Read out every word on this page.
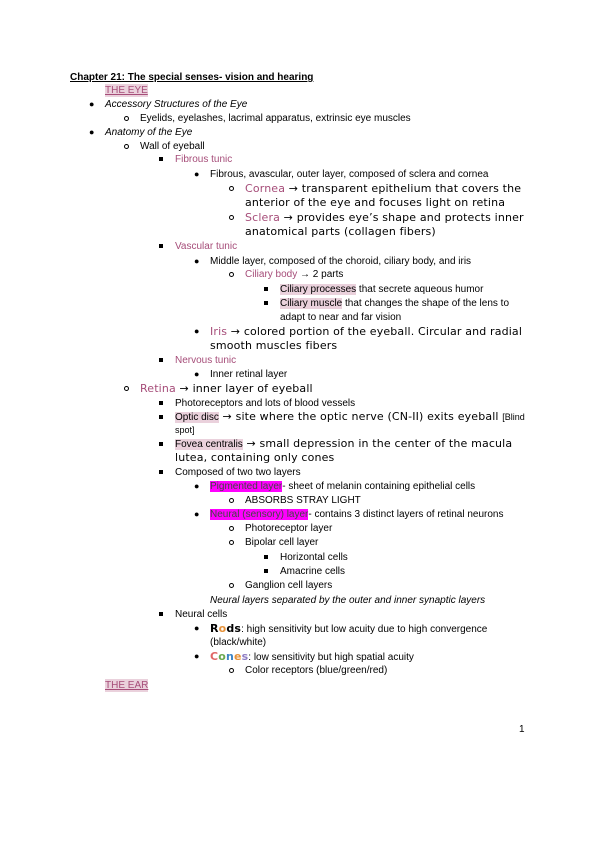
Chapter 21: The special senses- vision and hearing
THE EYE
● Accessory Structures of the Eye
Eyelids, eyelashes, lacrimal apparatus, extrinsic eye muscles
● Anatomy of the Eye
Wall of eyeball
Fibrous tunic
● Fibrous, avascular, outer layer, composed of sclera and cornea
Cornea → transparent epithelium that covers the
anterior of the eye and focuses light on retina
Sclera → provides eye’s shape and protects inner
anatomical parts (collagen fibers)
Vascular tunic
● Middle layer, composed of the choroid, ciliary body, and iris
Ciliary body → 2 parts
Ciliary processes that secrete aqueous humor
Ciliary muscle that changes the shape of the lens to
adapt to near and far vision
● Iris → colored portion of the eyeball. Circular and radial
smooth muscles fibers
Nervous tunic
● Inner retinal layer
Retina → inner layer of eyeball
Photoreceptors and lots of blood vessels
Optic disc → site where the optic nerve (CN-II) exits eyeball [Blind
spot]
Fovea centralis → small depression in the center of the macula
lutea, containing only cones
Composed of two two layers
● Pigmented layer- sheet of melanin containing epithelial cells
ABSORBS STRAY LIGHT
● Neural (sensory) layer- contains 3 distinct layers of retinal neurons
Photoreceptor layer
Bipolar cell layer
Horizontal cells
Amacrine cells
Ganglion cell layers
Neural layers separated by the outer and inner synaptic layers
Neural cells
● Rods: high sensitivity but low acuity due to high convergence
(black/white)
● Cones: low sensitivity but high spatial acuity
Color receptors (blue/green/red)
THE EAR
1
